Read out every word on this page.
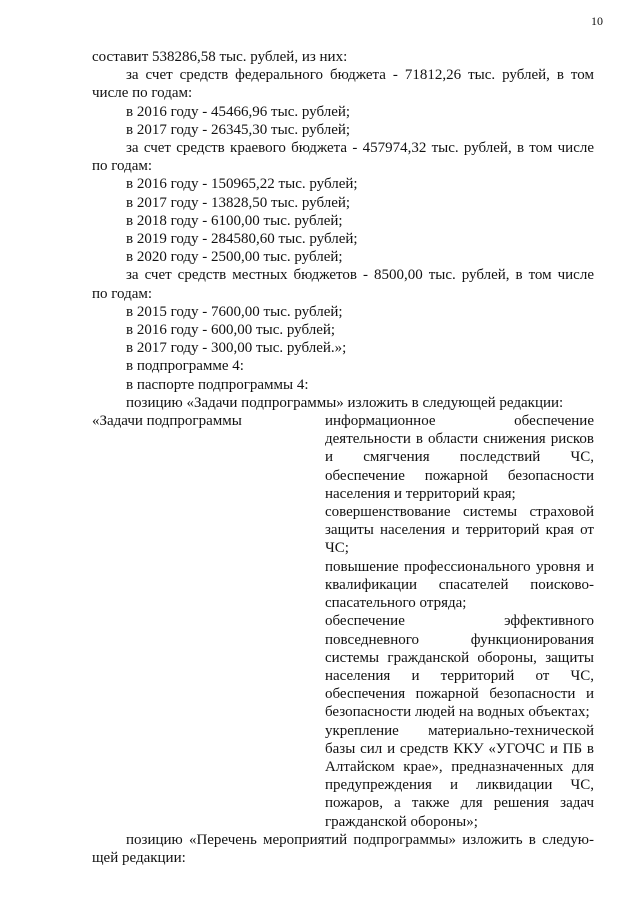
10

составит 538286,58 тыс. рублей, из них:

за счет средств федерального бюджета - 71812,26 тыс. рублей, в том

числе по годам:

в 2016 году - 45466,96 тыс. рублей;

в 2017 году - 26345,30 тыс. рублей;

за счет средств краевого бюджета - 457974,32 тыс. рублей, в том числе

по годам:

в 2016 году - 150965,22 тыс. рублей;

в 2017 году - 13828,50 тыс. рублей;

в 2018 году - 6100,00 тыс. рублей;

в 2019 году - 284580,60 тыс. рублей;

в 2020 году - 2500,00 тыс. рублей;

за счет средств местных бюджетов - 8500,00 тыс. рублей, в том числе

по годам:

в 2015 году - 7600,00 тыс. рублей;

в 2016 году - 600,00 тыс. рублей;

в 2017 году - 300,00 тыс. рублей.»;

в подпрограмме 4:

в паспорте подпрограммы 4:

позицию «Задачи подпрограммы» изложить в следующей редакции:

«Задачи подпрограммы	информационное обеспечение деятельности в области снижения рисков и смягчения последствий ЧС, обеспечение пожарной безопасности населения и территорий края;

совершенствование системы страховой защиты населения и территорий края от ЧС;

повышение профессионального уровня и квалификации спасателей поисково-спасательного отряда;

обеспечение эффективного повседневного функционирования системы гражданской обороны, защиты населения и территорий от ЧС, обеспечения пожарной безопасности и безопасности людей на водных объектах;

укрепление материально-технической базы сил и средств ККУ «УГОЧС и ПБ в Алтайском крае», предназначенных для предупреждения и ликвидации ЧС, пожаров, а также для решения задач гражданской обороны»;

позицию «Перечень мероприятий подпрограммы» изложить в следую-

щей редакции:
